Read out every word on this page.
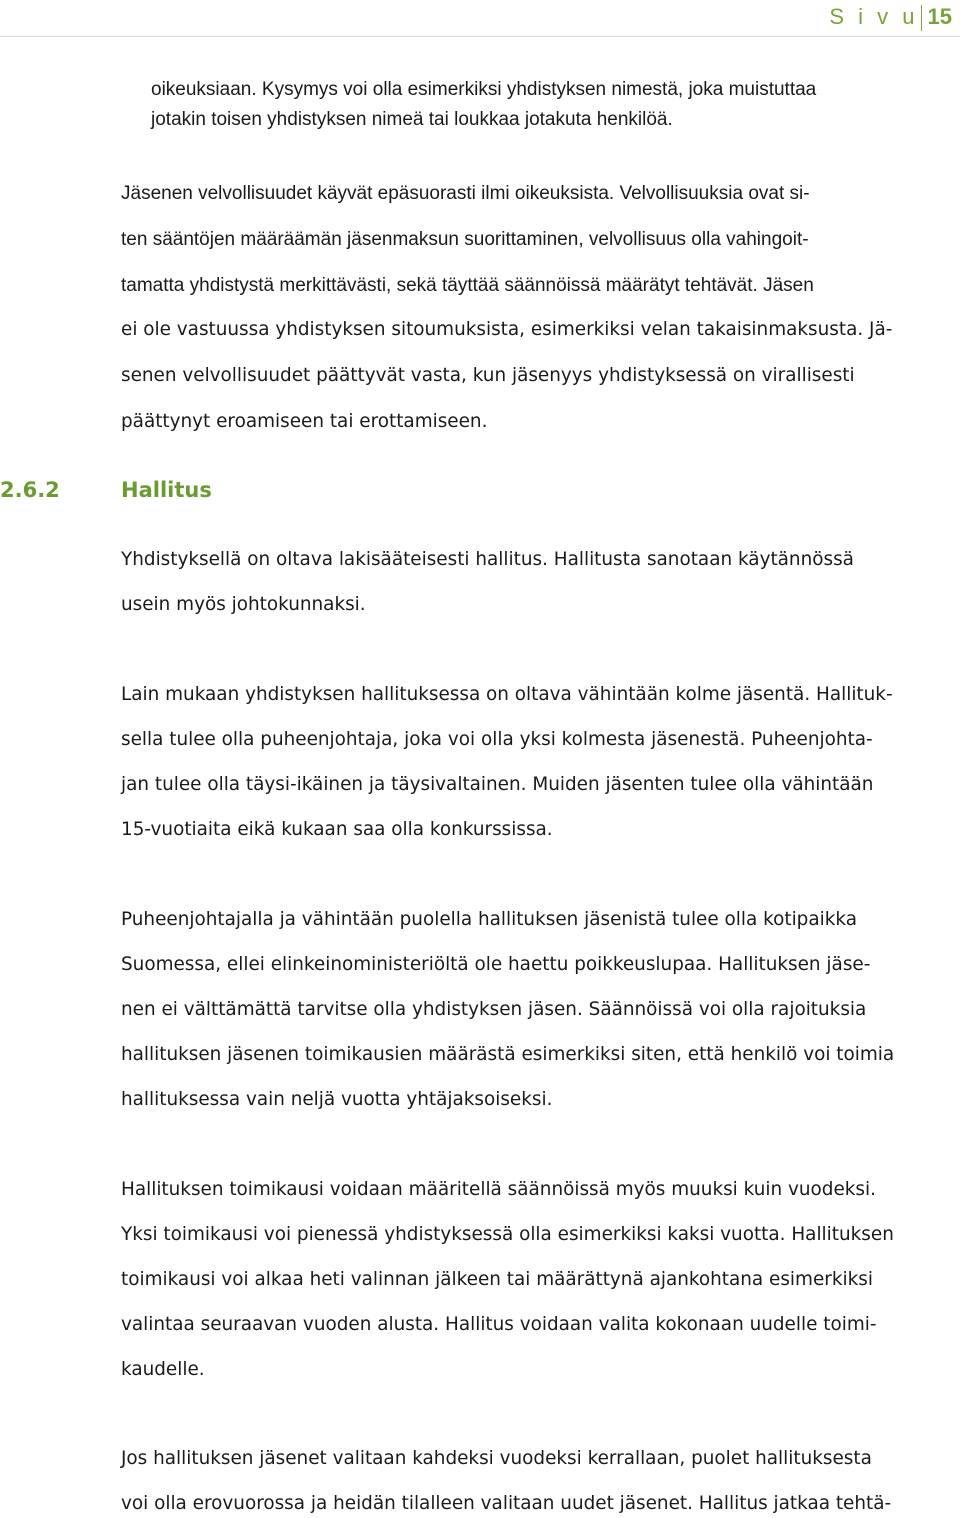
S i v u 15

oikeuksiaan. Kysymys voi olla esimerkiksi yhdistyksen nimestä, joka muistuttaa

jotakin toisen yhdistyksen nimeä tai loukkaa jotakuta henkilöä.

Jäsenen velvollisuudet käyvät epäsuorasti ilmi oikeuksista. Velvollisuuksia ovat si-

ten sääntöjen määräämän jäsenmaksun suorittaminen, velvollisuus olla vahingoit-

tamatta yhdistystä merkittävästi, sekä täyttää säännöissä määrätyt tehtävät. Jäsen

ei ole vastuussa yhdistyksen sitoumuksista, esimerkiksi velan takaisinmaksusta. Jä-

senen velvollisuudet päättyvät vasta, kun jäsenyys yhdistyksessä on virallisesti

päättynyt eroamiseen tai erottamiseen.

2.6.2	Hallitus

Yhdistyksellä on oltava lakisääteisesti hallitus. Hallitusta sanotaan käytännössä

usein myös johtokunnaksi.

Lain mukaan yhdistyksen hallituksessa on oltava vähintään kolme jäsentä. Hallituk-

sella tulee olla puheenjohtaja, joka voi olla yksi kolmesta jäsenestä. Puheenjohta-

jan tulee olla täysi-ikäinen ja täysivaltainen. Muiden jäsenten tulee olla vähintään

15-vuotiaita eikä kukaan saa olla konkurssissa.

Puheenjohtajalla ja vähintään puolella hallituksen jäsenistä tulee olla kotipaikka

Suomessa, ellei elinkeinoministeriöltä ole haettu poikkeuslupaa. Hallituksen jäse-

nen ei välttämättä tarvitse olla yhdistyksen jäsen. Säännöissä voi olla rajoituksia

hallituksen jäsenen toimikausien määrästä esimerkiksi siten, että henkilö voi toimia

hallituksessa vain neljä vuotta yhtäjaksoiseksi.

Hallituksen toimikausi voidaan määritellä säännöissä myös muuksi kuin vuodeksi.

Yksi toimikausi voi pienessä yhdistyksessä olla esimerkiksi kaksi vuotta. Hallituksen

toimikausi voi alkaa heti valinnan jälkeen tai määrättynä ajankohtana esimerkiksi

valintaa seuraavan vuoden alusta. Hallitus voidaan valita kokonaan uudelle toimi-

kaudelle.

Jos hallituksen jäsenet valitaan kahdeksi vuodeksi kerrallaan, puolet hallituksesta

voi olla erovuorossa ja heidän tilalleen valitaan uudet jäsenet. Hallitus jatkaa tehtä-
